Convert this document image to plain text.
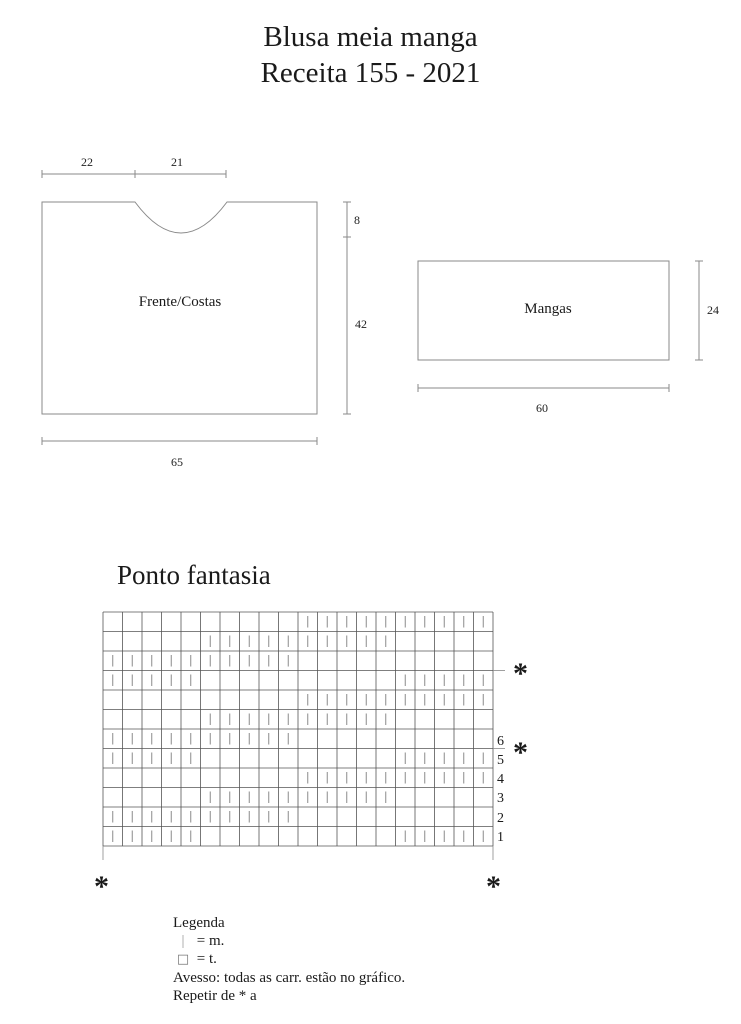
Blusa meia manga
Receita 155 - 2021
22	21
8
42
Frente/Costas
65
Mangas
60
24
Ponto fantasia
6
5
4
3
2
1
*
*
*	*
Legenda
| = m.
□ = t.
Avesso: todas as carr. estão no gráfico.
Repetir de * a
